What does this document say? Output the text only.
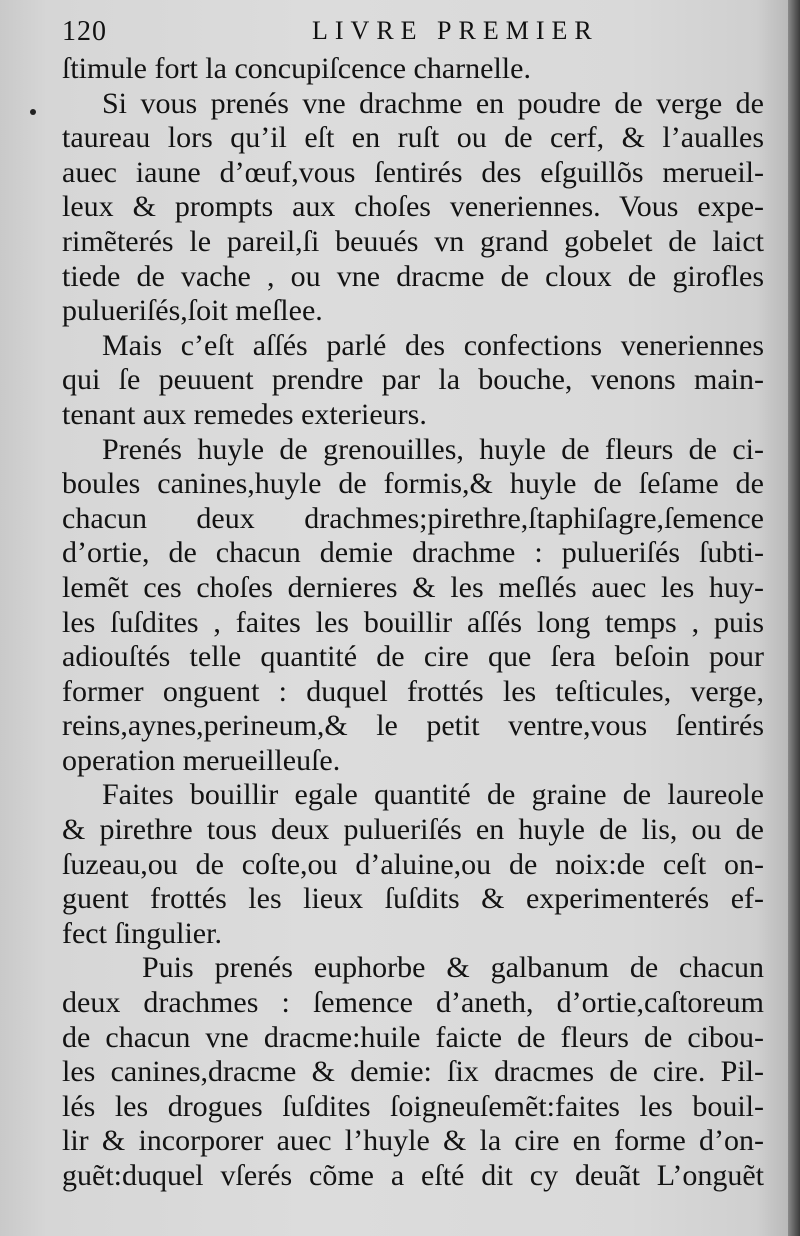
120	LIVRE PREMIER
ſtimule fort la concupiſcence charnelle.
Si vous prenés vne drachme en poudre de verge de
taureau lors qu’il eſt en ruſt ou de cerf, & l’aualles
auec iaune d’œuf,vous ſentirés des eſguillõs merueil-
leux & prompts aux choſes veneriennes. Vous expe-
rimẽterés le pareil,ſi beuués vn grand gobelet de laict
tiede de vache , ou vne dracme de cloux de girofles
pulueriſés,ſoit meſlee.
Mais c’eſt aſſés parlé des confections veneriennes
qui ſe peuuent prendre par la bouche, venons main-
tenant aux remedes exterieurs.
Prenés huyle de grenouilles, huyle de fleurs de ci-
boules canines,huyle de formis,& huyle de ſeſame de
chacun deux drachmes;pirethre,ſtaphiſagre,ſemence
d’ortie, de chacun demie drachme : pulueriſés ſubti-
lemẽt ces choſes dernieres & les meſlés auec les huy-
les ſuſdites , faites les bouillir aſſés long temps , puis
adiouſtés telle quantité de cire que ſera beſoin pour
former onguent : duquel frottés les teſticules, verge,
reins,aynes,perineum,& le petit ventre,vous ſentirés
operation merueilleuſe.
Faites bouillir egale quantité de graine de laureole
& pirethre tous deux pulueriſés en huyle de lis, ou de
ſuzeau,ou de coſte,ou d’aluine,ou de noix:de ceſt on-
guent frottés les lieux ſuſdits & experimenterés ef-
fect ſingulier.
Puis prenés euphorbe & galbanum de chacun
deux drachmes : ſemence d’aneth, d’ortie,caſtoreum
de chacun vne dracme:huile faicte de fleurs de cibou-
les canines,dracme & demie: ſix dracmes de cire. Pil-
lés les drogues ſuſdites ſoigneuſemẽt:faites les bouil-
lir & incorporer auec l’huyle & la cire en forme d’on-
guẽt:duquel vſerés cõme a eſté dit cy deuãt L’onguẽt
